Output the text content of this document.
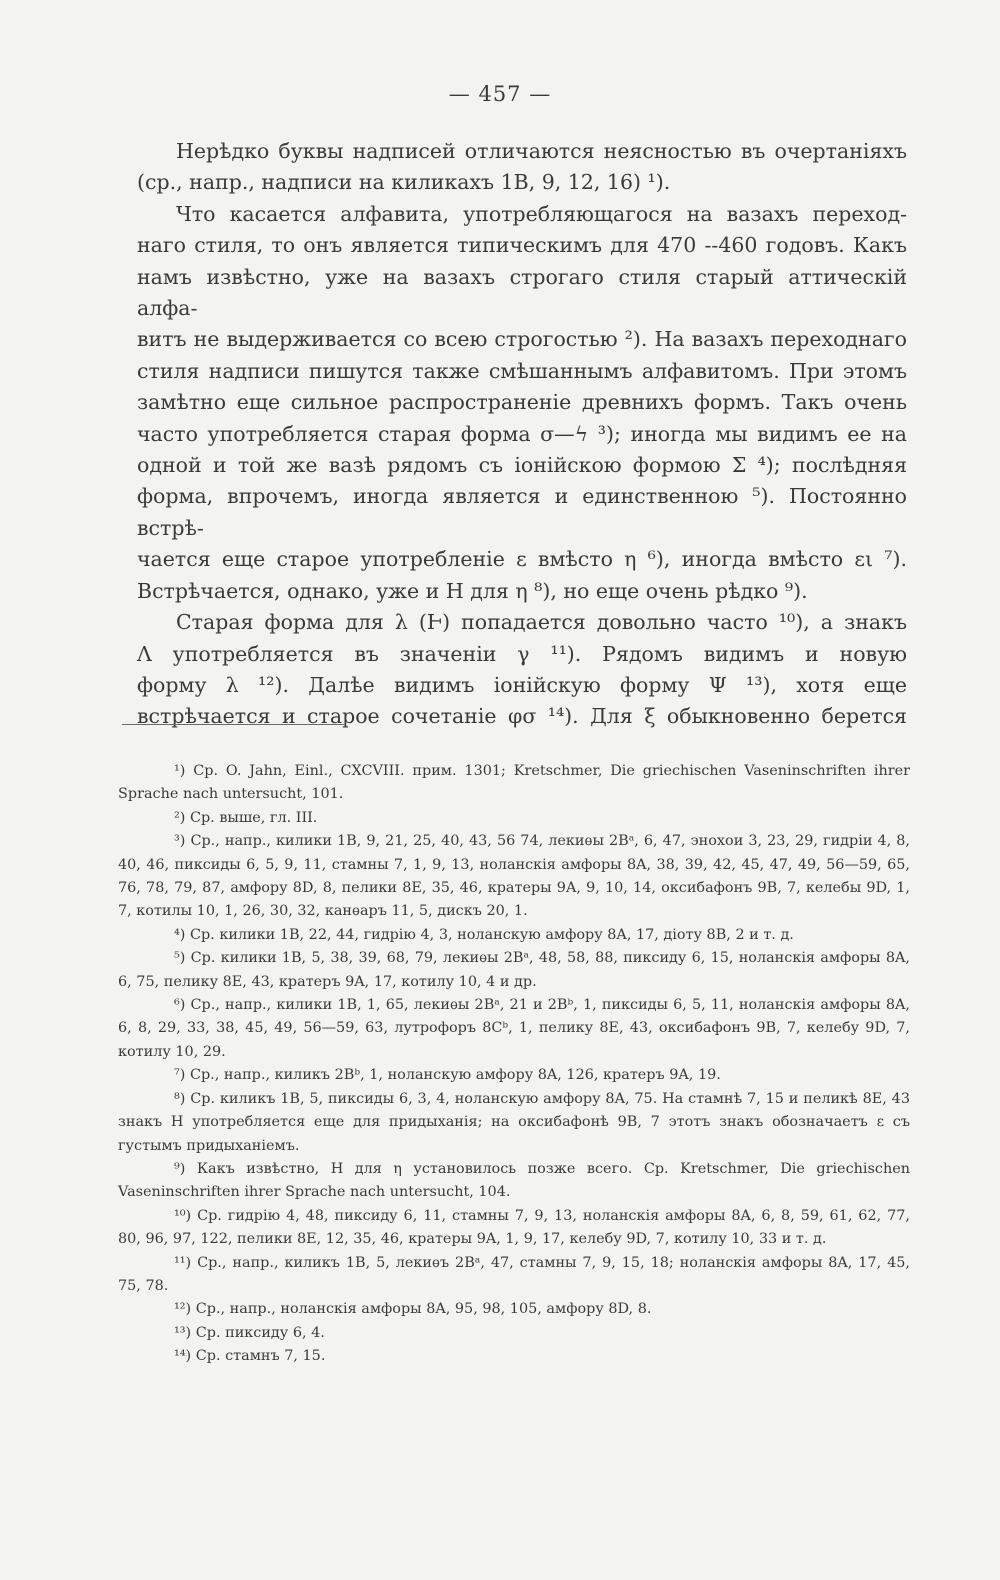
— 457 —

Нерѣдко буквы надписей отличаются неясностью въ очертаніяхъ

(ср., напр., надписи на киликахъ 1B, 9, 12, 16) ¹).

Что касается алфавита, употребляющагося на вазахъ переход-

наго стиля, то онъ является типическимъ для 470 --460 годовъ. Какъ

намъ извѣстно, уже на вазахъ строгаго стиля старый аттическій алфа-

витъ не выдерживается со всею строгостью ²). На вазахъ переходнаго

стиля надписи пишутся также смѣшаннымъ алфавитомъ. При этомъ

замѣтно еще сильное распространеніе древнихъ формъ. Такъ очень

часто употребляется старая форма σ—ϟ ³); иногда мы видимъ ее на

одной и той же вазѣ рядомъ съ іонійскою формою Σ ⁴); послѣдняя

форма, впрочемъ, иногда является и единственною ⁵). Постоянно встрѣ-

чается еще старое употребленіе ε вмѣсто η ⁶), иногда вмѣсто ει ⁷).

Встрѣчается, однако, уже и H для η ⁸), но еще очень рѣдко ⁹).

Старая форма для λ (Ⱶ) попадается довольно часто ¹⁰), а знакъ

Λ употребляется въ значеніи γ ¹¹). Рядомъ видимъ и новую

форму λ ¹²). Далѣе видимъ іонійскую форму Ψ ¹³), хотя еще

встрѣчается и старое сочетаніе φσ ¹⁴). Для ξ обыкновенно берется

¹) Ср. O. Jahn, Einl., CXCVIII. прим. 1301; Kretschmer, Die griechischen Vaseninschriften ihrer Sprache nach untersucht, 101.

²) Ср. выше, гл. III.

³) Ср., напр., килики 1B, 9, 21, 25, 40, 43, 56 74, лекиѳы 2Bᵃ, 6, 47, энохои 3, 23, 29, гидріи 4, 8, 40, 46, пиксиды 6, 5, 9, 11, стамны 7, 1, 9, 13, ноланскія амфоры 8A, 38, 39, 42, 45, 47, 49, 56—59, 65, 76, 78, 79, 87, амфору 8D, 8, пелики 8E, 35, 46, кратеры 9A, 9, 10, 14, оксибафонъ 9B, 7, келебы 9D, 1, 7, котилы 10, 1, 26, 30, 32, канѳаръ 11, 5, дискъ 20, 1.

⁴) Ср. килики 1B, 22, 44, гидрію 4, 3, ноланскую амфору 8A, 17, діоту 8B, 2 и т. д.

⁵) Ср. килики 1B, 5, 38, 39, 68, 79, лекиѳы 2Bᵃ, 48, 58, 88, пиксиду 6, 15, ноланскія амфоры 8A, 6, 75, пелику 8E, 43, кратеръ 9A, 17, котилу 10, 4 и др.

⁶) Ср., напр., килики 1B, 1, 65, лекиѳы 2Bᵃ, 21 и 2Bᵇ, 1, пиксиды 6, 5, 11, ноланскія амфоры 8A, 6, 8, 29, 33, 38, 45, 49, 56—59, 63, лутрофоръ 8Cᵇ, 1, пелику 8E, 43, оксибафонъ 9B, 7, келебу 9D, 7, котилу 10, 29.

⁷) Ср., напр., киликъ 2Bᵇ, 1, ноланскую амфору 8A, 126, кратеръ 9A, 19.

⁸) Ср. киликъ 1B, 5, пиксиды 6, 3, 4, ноланскую амфору 8A, 75. На стамнѣ 7, 15 и пеликѣ 8E, 43 знакъ H употребляется еще для придыханія; на оксибафонѣ 9B, 7 этотъ знакъ обозначаетъ ε съ густымъ придыханіемъ.

⁹) Какъ извѣстно, H для η установилось позже всего. Ср. Kretschmer, Die griechischen Vaseninschriften ihrer Sprache nach untersucht, 104.

¹⁰) Ср. гидрію 4, 48, пиксиду 6, 11, стамны 7, 9, 13, ноланскія амфоры 8A, 6, 8, 59, 61, 62, 77, 80, 96, 97, 122, пелики 8E, 12, 35, 46, кратеры 9A, 1, 9, 17, келебу 9D, 7, котилу 10, 33 и т. д.

¹¹) Ср., напр., киликъ 1B, 5, лекиѳъ 2Bᵃ, 47, стамны 7, 9, 15, 18; ноланскія амфоры 8A, 17, 45, 75, 78.

¹²) Ср., напр., ноланскія амфоры 8A, 95, 98, 105, амфору 8D, 8.

¹³) Ср. пиксиду 6, 4.

¹⁴) Ср. стамнъ 7, 15.
